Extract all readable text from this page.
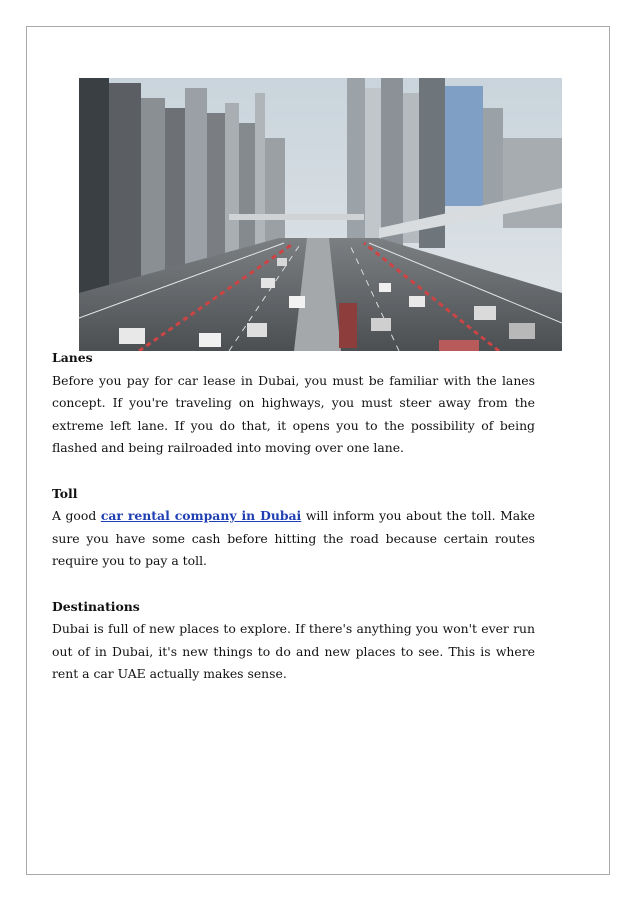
Lanes

Before you pay for car lease in Dubai, you must be familiar with the lanes concept. If you're traveling on highways, you must steer away from the extreme left lane. If you do that, it opens you to the possibility of being flashed and being railroaded into moving over one lane.

Toll

A good car rental company in Dubai will inform you about the toll. Make sure you have some cash before hitting the road because certain routes require you to pay a toll.

Destinations

Dubai is full of new places to explore. If there's anything you won't ever run out of in Dubai, it's new things to do and new places to see. This is where rent a car UAE actually makes sense.
